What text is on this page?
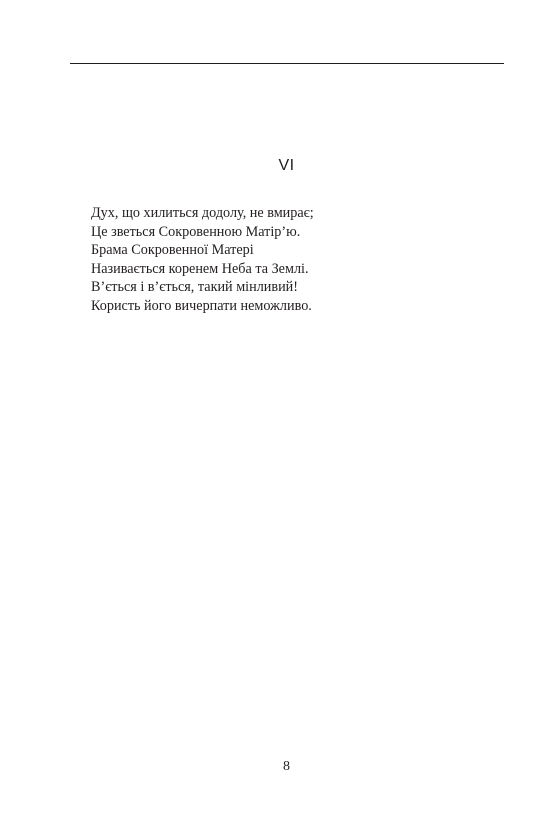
VI
Дух, що хилиться додолу, не вмирає;
Це зветься Сокровенною Матір’ю.
Брама Сокровенної Матері
Називається коренем Неба та Землі.
В’ється і в’ється, такий мінливий!
Користь його вичерпати неможливо.
8
